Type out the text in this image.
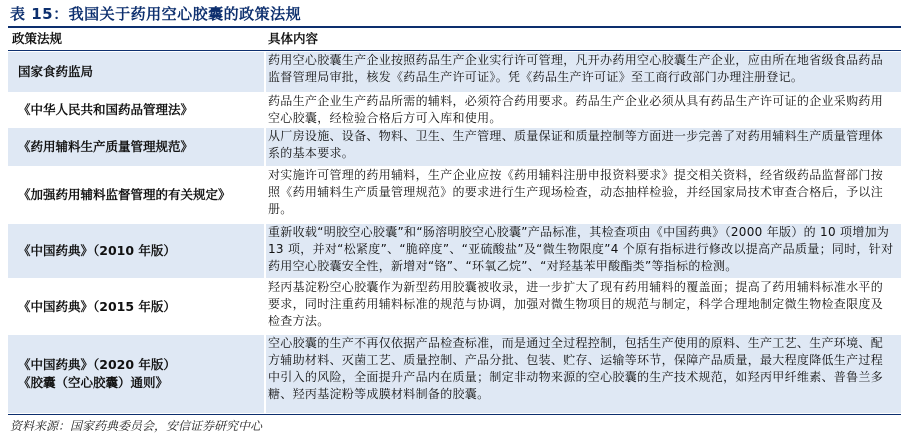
表 15：我国关于药用空心胶囊的政策法规
政策法规	具体内容
国家食药监局
药用空心胶囊生产企业按照药品生产企业实行许可管理，凡开办药用空心胶囊生产企业，应由所在地省级食品药品监督管理局审批，核发《药品生产许可证》。凭《药品生产许可证》至工商行政部门办理注册登记。
《中华人民共和国药品管理法》
药品生产企业生产药品所需的辅料，必须符合药用要求。药品生产企业必须从具有药品生产许可证的企业采购药用空心胶囊，经检验合格后方可入库和使用。
《药用辅料生产质量管理规范》
从厂房设施、设备、物料、卫生、生产管理、质量保证和质量控制等方面进一步完善了对药用辅料生产质量管理体系的基本要求。
《加强药用辅料监督管理的有关规定》
对实施许可管理的药用辅料，生产企业应按《药用辅料注册申报资料要求》提交相关资料，经省级药品监督部门按照《药用辅料生产质量管理规范》的要求进行生产现场检查，动态抽样检验，并经国家局技术审查合格后，予以注册。
《中国药典》（2010 年版）
重新收载“明胶空心胶囊”和“肠溶明胶空心胶囊”产品标准，其检查项由《中国药典》（2000 年版）的 10 项增加为 13 项，并对“松紧度”、“脆碎度”、“亚硫酸盐”及“微生物限度”4 个原有指标进行修改以提高产品质量；同时，针对药用空心胶囊安全性，新增对“铬”、“环氧乙烷”、“对羟基苯甲酸酯类”等指标的检测。
《中国药典》（2015 年版）
羟丙基淀粉空心胶囊作为新型药用胶囊被收录，进一步扩大了现有药用辅料的覆盖面；提高了药用辅料标准水平的要求，同时注重药用辅料标准的规范与协调，加强对微生物项目的规范与制定，科学合理地制定微生物检查限度及检查方法。
《中国药典》（2020 年版）
《胶囊（空心胶囊）通则》
空心胶囊的生产不再仅依据产品检查标准，而是通过全过程控制，包括生产使用的原料、生产工艺、生产环境、配方辅助材料、灭菌工艺、质量控制、产品分批、包装、贮存、运输等环节，保障产品质量，最大程度降低生产过程中引入的风险，全面提升产品内在质量；制定非动物来源的空心胶囊的生产技术规范，如羟丙甲纤维素、普鲁兰多糖、羟丙基淀粉等成膜材料制备的胶囊。
资料来源：国家药典委员会，安信证券研究中心
